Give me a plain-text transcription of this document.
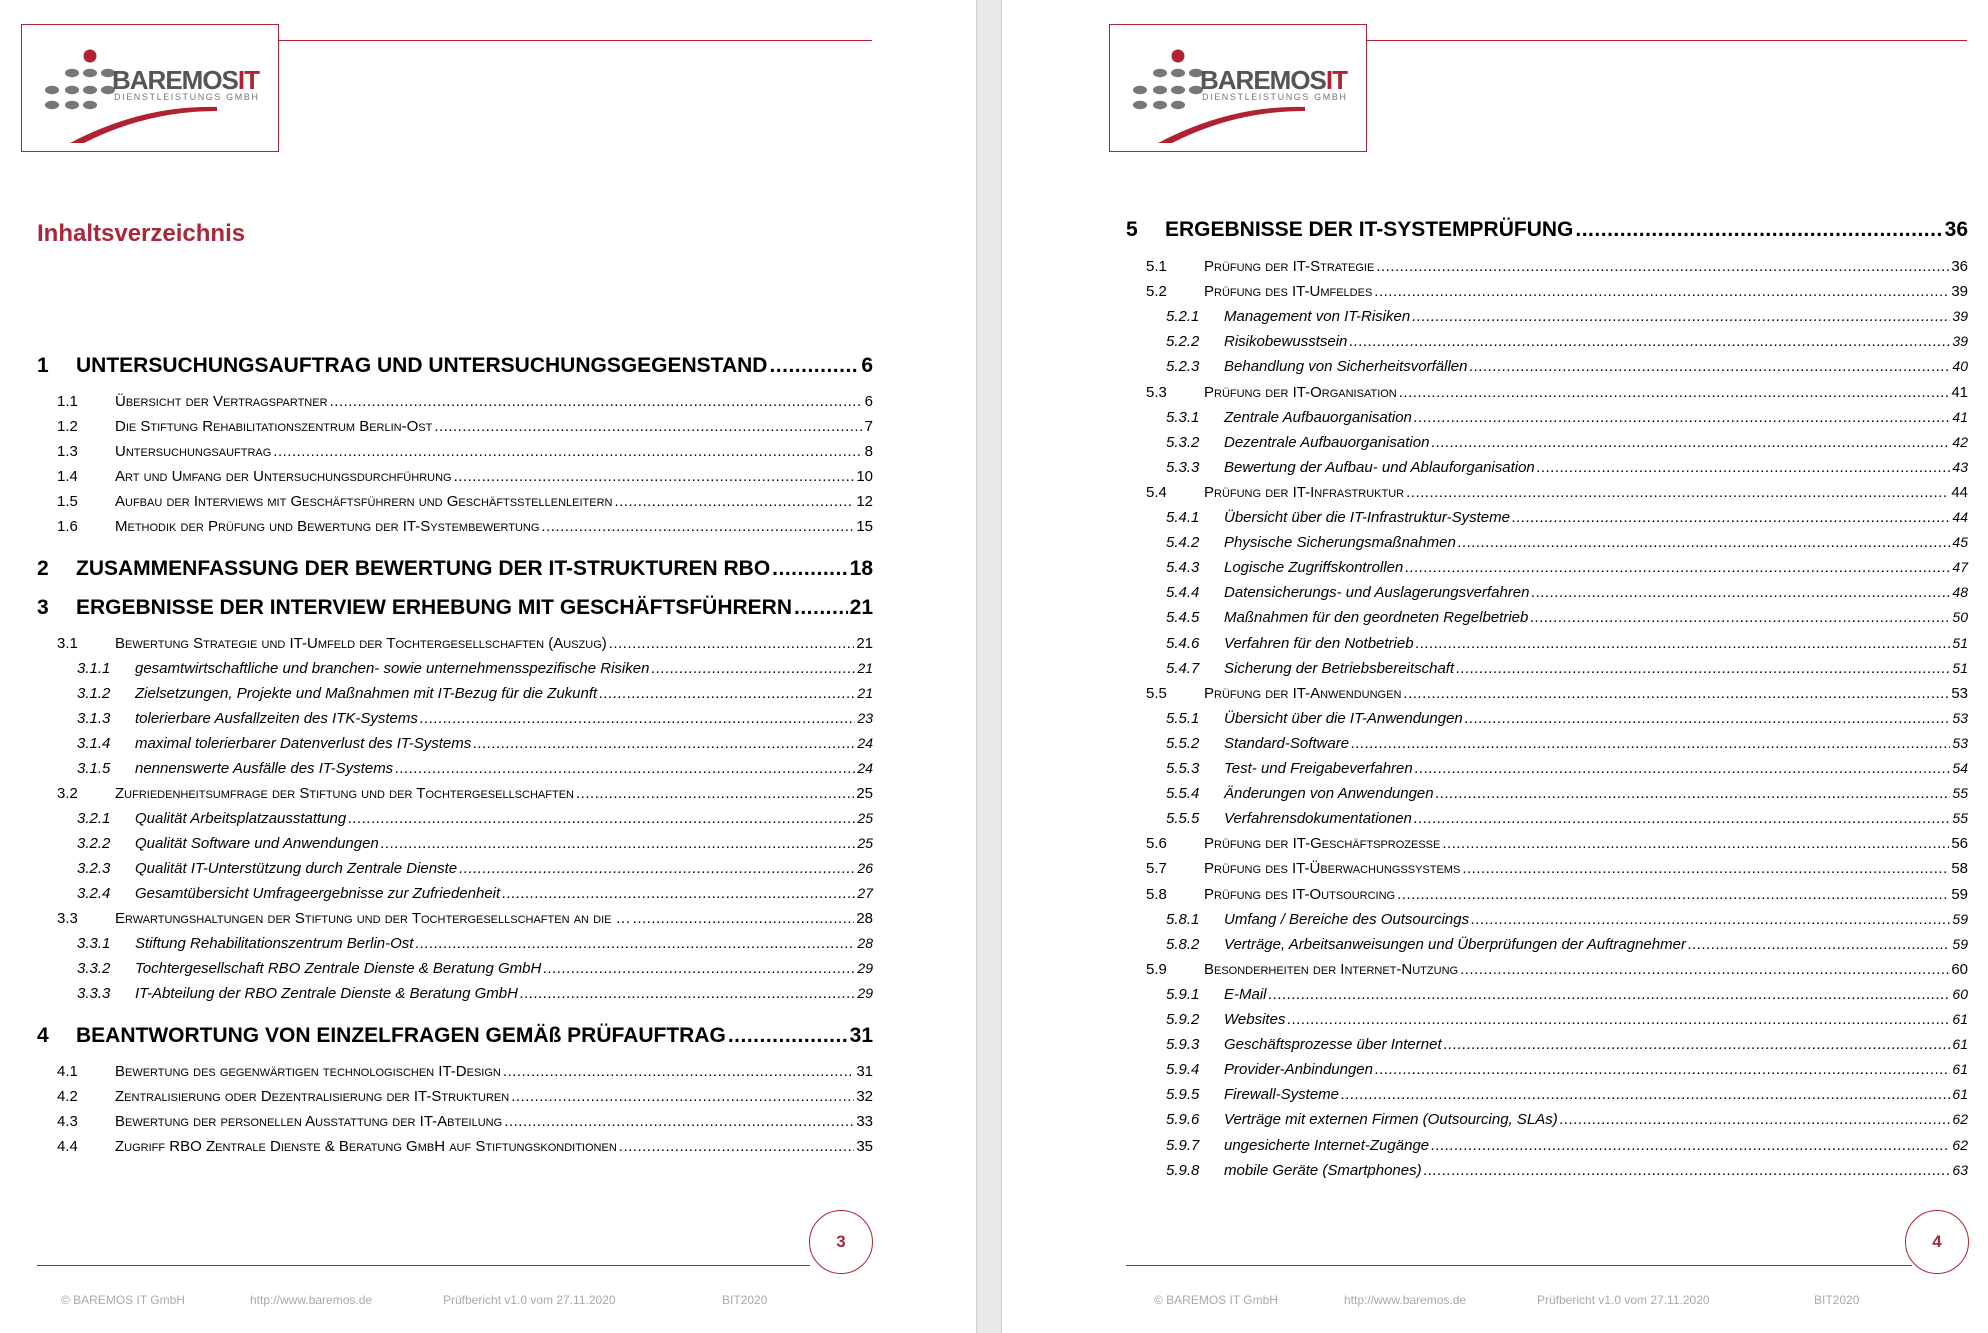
BAREMOSIT
DIENSTLEISTUNGS GMBH
Inhaltsverzeichnis
1	UNTERSUCHUNGSAUFTRAG UND UNTERSUCHUNGSGEGENSTAND .....	6
1.1	Übersicht der Vertragspartner .....	6
1.2	Die Stiftung Rehabilitationszentrum Berlin-Ost .....	7
1.3	Untersuchungsauftrag .....	8
1.4	Art und Umfang der Untersuchungsdurchführung .....	10
1.5	Aufbau der Interviews mit Geschäftsführern und Geschäftsstellenleitern .....	12
1.6	Methodik der Prüfung und Bewertung der IT-Systembewertung .....	15
2	ZUSAMMENFASSUNG DER BEWERTUNG DER IT-STRUKTUREN RBO .....	18
3	ERGEBNISSE DER INTERVIEW ERHEBUNG MIT GESCHÄFTSFÜHRERN .....	21
3.1	Bewertung Strategie und IT-Umfeld der Tochtergesellschaften (Auszug) .....	21
3.1.1	gesamtwirtschaftliche und branchen- sowie unternehmensspezifische Risiken .....	21
3.1.2	Zielsetzungen, Projekte und Maßnahmen mit IT-Bezug für die Zukunft .....	21
3.1.3	tolerierbare Ausfallzeiten des ITK-Systems .....	23
3.1.4	maximal tolerierbarer Datenverlust des IT-Systems .....	24
3.1.5	nennenswerte Ausfälle des IT-Systems .....	24
3.2	Zufriedenheitsumfrage der Stiftung und der Tochtergesellschaften .....	25
3.2.1	Qualität Arbeitsplatzausstattung .....	25
3.2.2	Qualität Software und Anwendungen .....	25
3.2.3	Qualität IT-Unterstützung durch Zentrale Dienste .....	26
3.2.4	Gesamtübersicht Umfrageergebnisse zur Zufriedenheit .....	27
3.3	Erwartungshaltungen der Stiftung und der Tochtergesellschaften an die … .....	28
3.3.1	Stiftung Rehabilitationszentrum Berlin-Ost .....	28
3.3.2	Tochtergesellschaft RBO Zentrale Dienste & Beratung GmbH .....	29
3.3.3	IT-Abteilung der RBO Zentrale Dienste & Beratung GmbH .....	29
4	BEANTWORTUNG VON EINZELFRAGEN GEMÄß PRÜFAUFTRAG .....	31
4.1	Bewertung des gegenwärtigen technologischen IT-Design .....	31
4.2	Zentralisierung oder Dezentralisierung der IT-Strukturen .....	32
4.3	Bewertung der personellen Ausstattung der IT-Abteilung .....	33
4.4	Zugriff RBO Zentrale Dienste & Beratung GmbH auf Stiftungskonditionen .....	35
3
© BAREMOS IT GmbH	http://www.baremos.de	Prüfbericht v1.0 vom 27.11.2020	BIT2020
BAREMOSIT
DIENSTLEISTUNGS GMBH
5	ERGEBNISSE DER IT-SYSTEMPRÜFUNG .....	36
5.1	Prüfung der IT-Strategie .....	36
5.2	Prüfung des IT-Umfeldes .....	39
5.2.1	Management von IT-Risiken .....	39
5.2.2	Risikobewusstsein .....	39
5.2.3	Behandlung von Sicherheitsvorfällen .....	40
5.3	Prüfung der IT-Organisation .....	41
5.3.1	Zentrale Aufbauorganisation .....	41
5.3.2	Dezentrale Aufbauorganisation .....	42
5.3.3	Bewertung der Aufbau- und Ablauforganisation .....	43
5.4	Prüfung der IT-Infrastruktur .....	44
5.4.1	Übersicht über die IT-Infrastruktur-Systeme .....	44
5.4.2	Physische Sicherungsmaßnahmen .....	45
5.4.3	Logische Zugriffskontrollen .....	47
5.4.4	Datensicherungs- und Auslagerungsverfahren .....	48
5.4.5	Maßnahmen für den geordneten Regelbetrieb .....	50
5.4.6	Verfahren für den Notbetrieb .....	51
5.4.7	Sicherung der Betriebsbereitschaft .....	51
5.5	Prüfung der IT-Anwendungen .....	53
5.5.1	Übersicht über die IT-Anwendungen .....	53
5.5.2	Standard-Software .....	53
5.5.3	Test- und Freigabeverfahren .....	54
5.5.4	Änderungen von Anwendungen .....	55
5.5.5	Verfahrensdokumentationen .....	55
5.6	Prüfung der IT-Geschäftsprozesse .....	56
5.7	Prüfung des IT-Überwachungssystems .....	58
5.8	Prüfung des IT-Outsourcing .....	59
5.8.1	Umfang / Bereiche des Outsourcings .....	59
5.8.2	Verträge, Arbeitsanweisungen und Überprüfungen der Auftragnehmer .....	59
5.9	Besonderheiten der Internet-Nutzung .....	60
5.9.1	E-Mail .....	60
5.9.2	Websites .....	61
5.9.3	Geschäftsprozesse über Internet .....	61
5.9.4	Provider-Anbindungen .....	61
5.9.5	Firewall-Systeme .....	61
5.9.6	Verträge mit externen Firmen (Outsourcing, SLAs) .....	62
5.9.7	ungesicherte Internet-Zugänge .....	62
5.9.8	mobile Geräte (Smartphones) .....	63
4
© BAREMOS IT GmbH	http://www.baremos.de	Prüfbericht v1.0 vom 27.11.2020	BIT2020
